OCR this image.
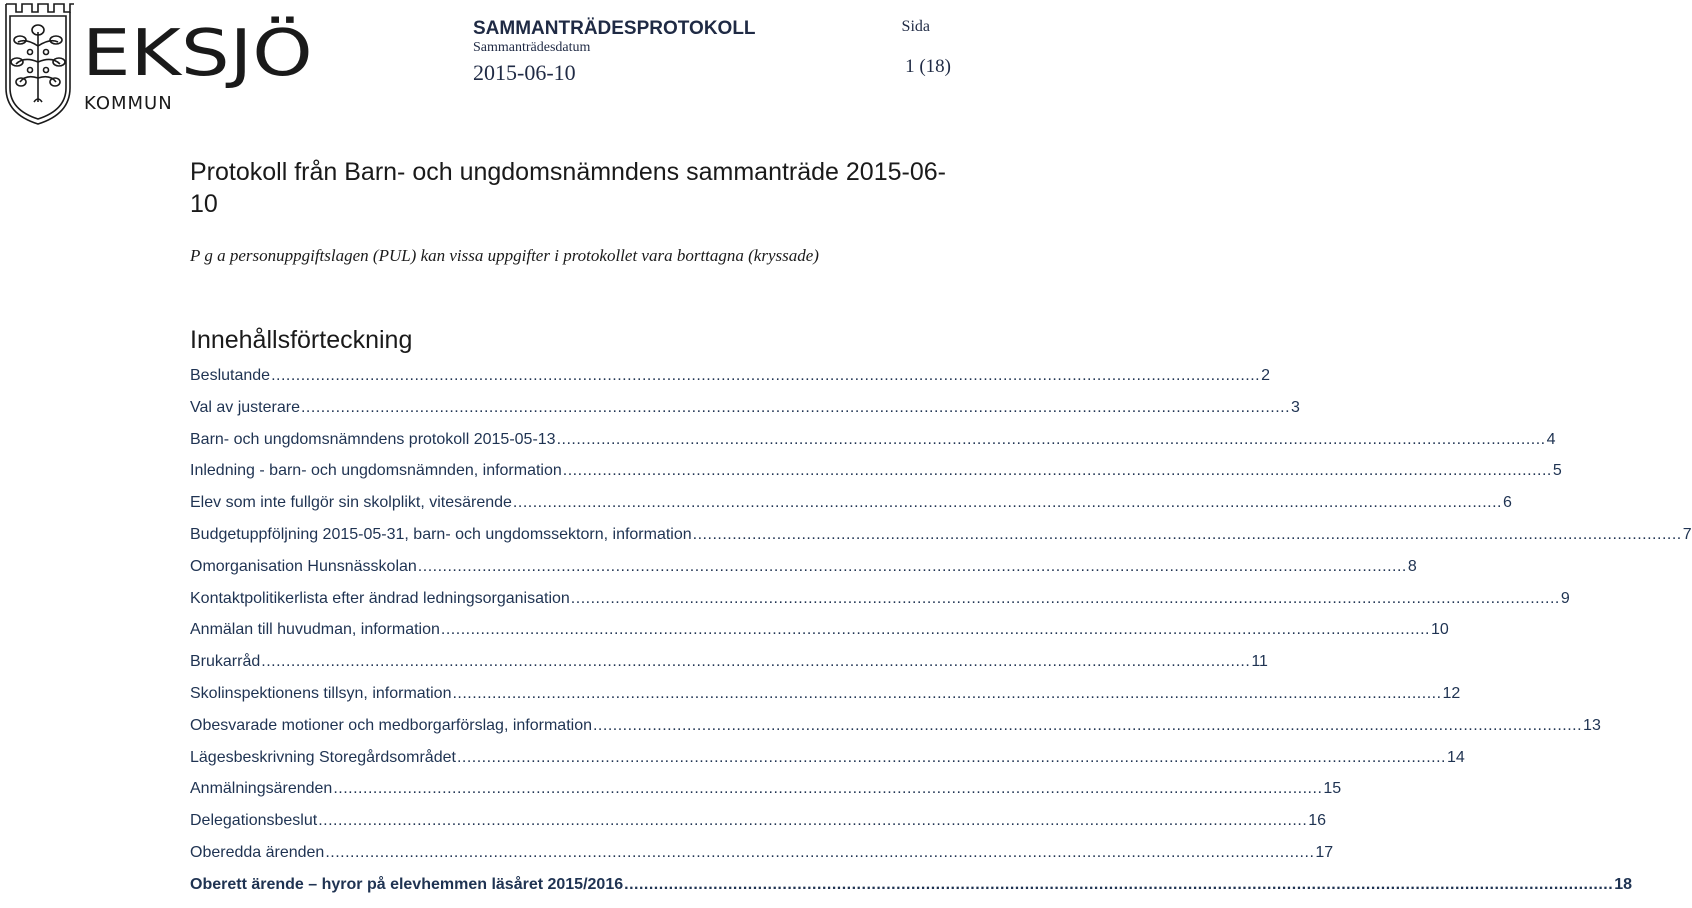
EKSJÖ
KOMMUN
SAMMANTRÄDESPROTOKOLL
Sammanträdesdatum
2015-06-10
Sida
1 (18)
Protokoll från Barn- och ungdomsnämndens sammanträde 2015-06-10

P g a personuppgiftslagen (PUL) kan vissa uppgifter i protokollet vara borttagna (kryssade)

Innehållsförteckning
Beslutande ........................................................................................................................................................................................................ 2
Val av justerare ........................................................................................................................................................................................................ 3
Barn- och ungdomsnämndens protokoll 2015-05-13 ........................................................................................................................................................................................................ 4
Inledning - barn- och ungdomsnämnden, information ........................................................................................................................................................................................................ 5
Elev som inte fullgör sin skolplikt, vitesärende ........................................................................................................................................................................................................ 6
Budgetuppföljning 2015-05-31, barn- och ungdomssektorn, information ........................................................................................................................................................................................................ 7
Omorganisation Hunsnässkolan ........................................................................................................................................................................................................ 8
Kontaktpolitikerlista efter ändrad ledningsorganisation ........................................................................................................................................................................................................ 9
Anmälan till huvudman, information ........................................................................................................................................................................................................ 10
Brukarråd ........................................................................................................................................................................................................ 11
Skolinspektionens tillsyn, information ........................................................................................................................................................................................................ 12
Obesvarade motioner och medborgarförslag, information ........................................................................................................................................................................................................ 13
Lägesbeskrivning Storegårdsområdet ........................................................................................................................................................................................................ 14
Anmälningsärenden ........................................................................................................................................................................................................ 15
Delegationsbeslut ........................................................................................................................................................................................................ 16
Oberedda ärenden ........................................................................................................................................................................................................ 17
Oberett ärende – hyror på elevhemmen läsåret 2015/2016 ........................................................................................................................................................................................................ 18
